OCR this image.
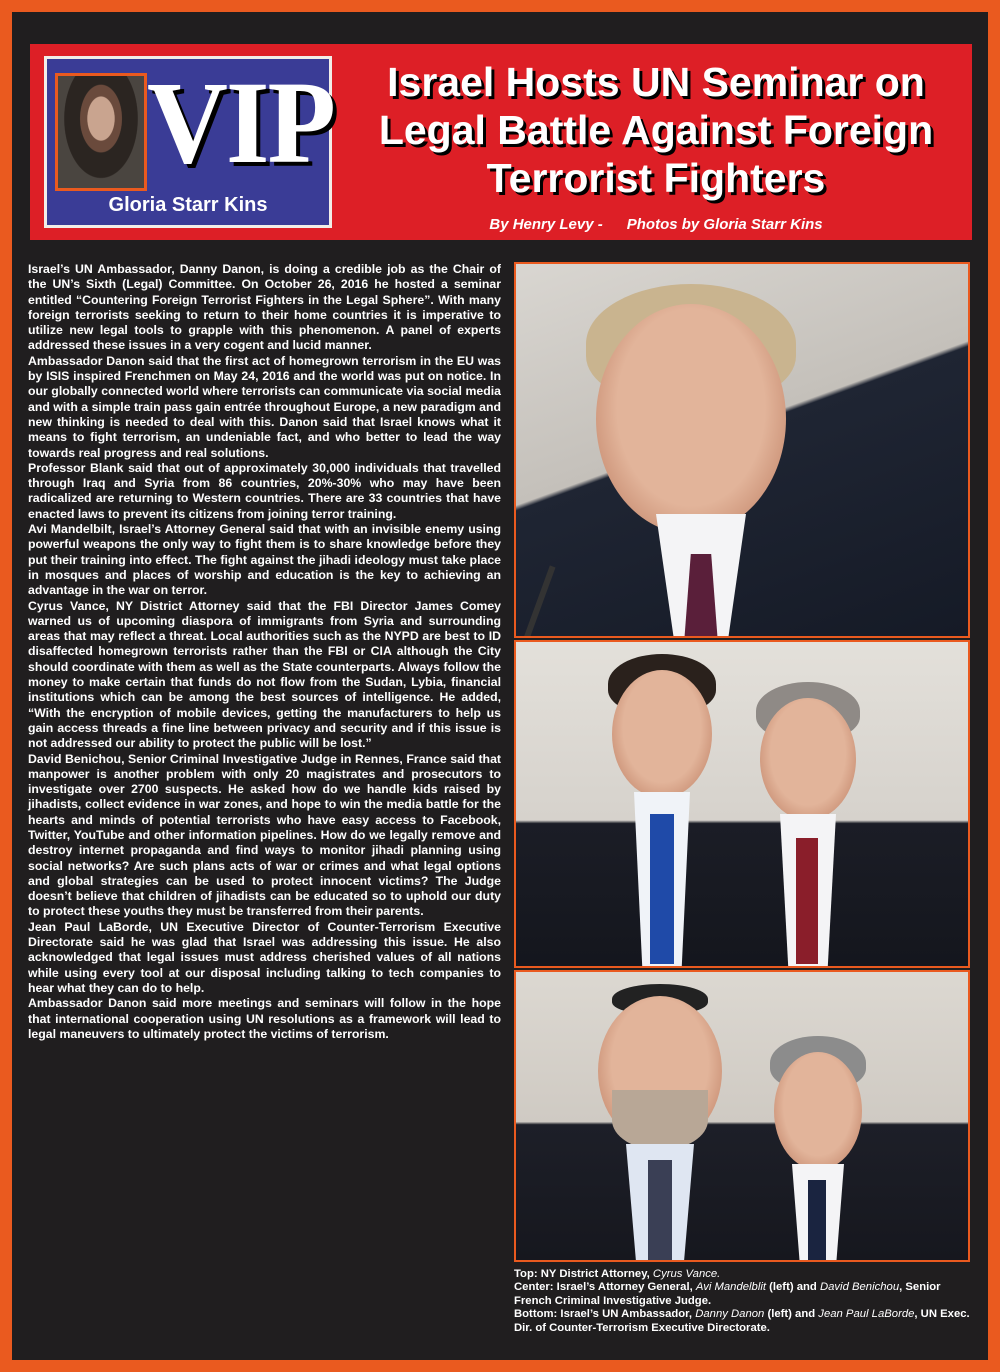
VIP
Gloria Starr Kins
Israel Hosts UN Seminar on Legal Battle Against Foreign Terrorist Fighters
By Henry Levy - Photos by Gloria Starr Kins

Israel’s UN Ambassador, Danny Danon, is doing a credible job as the Chair of the UN’s Sixth (Legal) Committee. On October 26, 2016 he hosted a seminar entitled “Countering Foreign Terrorist Fighters in the Legal Sphere”. With many foreign terrorists seeking to return to their home countries it is imperative to utilize new legal tools to grapple with this phenomenon. A panel of experts addressed these issues in a very cogent and lucid manner.

Ambassador Danon said that the first act of homegrown terrorism in the EU was by ISIS inspired Frenchmen on May 24, 2016 and the world was put on notice. In our globally connected world where terrorists can communicate via social media and with a simple train pass gain entrée throughout Europe, a new paradigm and new thinking is needed to deal with this. Danon said that Israel knows what it means to fight terrorism, an undeniable fact, and who better to lead the way towards real progress and real solutions.

Professor Blank said that out of approximately 30,000 individuals that travelled through Iraq and Syria from 86 countries, 20%-30% who may have been radicalized are returning to Western countries. There are 33 countries that have enacted laws to prevent its citizens from joining terror training.

Avi Mandelbilt, Israel’s Attorney General said that with an invisible enemy using powerful weapons the only way to fight them is to share knowledge before they put their training into effect. The fight against the jihadi ideology must take place in mosques and places of worship and education is the key to achieving an advantage in the war on terror.

Cyrus Vance, NY District Attorney said that the FBI Director James Comey warned us of upcoming diaspora of immigrants from Syria and surrounding areas that may reflect a threat. Local authorities such as the NYPD are best to ID disaffected homegrown terrorists rather than the FBI or CIA although the City should coordinate with them as well as the State counterparts. Always follow the money to make certain that funds do not flow from the Sudan, Lybia, financial institutions which can be among the best sources of intelligence. He added, “With the encryption of mobile devices, getting the manufacturers to help us gain access threads a fine line between privacy and security and if this issue is not addressed our ability to protect the public will be lost.”

David Benichou, Senior Criminal Investigative Judge in Rennes, France said that manpower is another problem with only 20 magistrates and prosecutors to investigate over 2700 suspects. He asked how do we handle kids raised by jihadists, collect evidence in war zones, and hope to win the media battle for the hearts and minds of potential terrorists who have easy access to Facebook, Twitter, YouTube and other information pipelines. How do we legally remove and destroy internet propaganda and find ways to monitor jihadi planning using social networks? Are such plans acts of war or crimes and what legal options and global strategies can be used to protect innocent victims? The Judge doesn’t believe that children of jihadists can be educated so to uphold our duty to protect these youths they must be transferred from their parents.

Jean Paul LaBorde, UN Executive Director of Counter-Terrorism Executive Directorate said he was glad that Israel was addressing this issue. He also acknowledged that legal issues must address cherished values of all nations while using every tool at our disposal including talking to tech companies to hear what they can do to help.

Ambassador Danon said more meetings and seminars will follow in the hope that international cooperation using UN resolutions as a framework will lead to legal maneuvers to ultimately protect the victims of terrorism.

Top: NY District Attorney, Cyrus Vance.

Center: Israel’s Attorney General, Avi Mandelblit (left) and David Benichou, Senior French Criminal Investigative Judge.

Bottom: Israel’s UN Ambassador, Danny Danon (left) and Jean Paul LaBorde, UN Exec. Dir. of Counter-Terrorism Executive Directorate.
